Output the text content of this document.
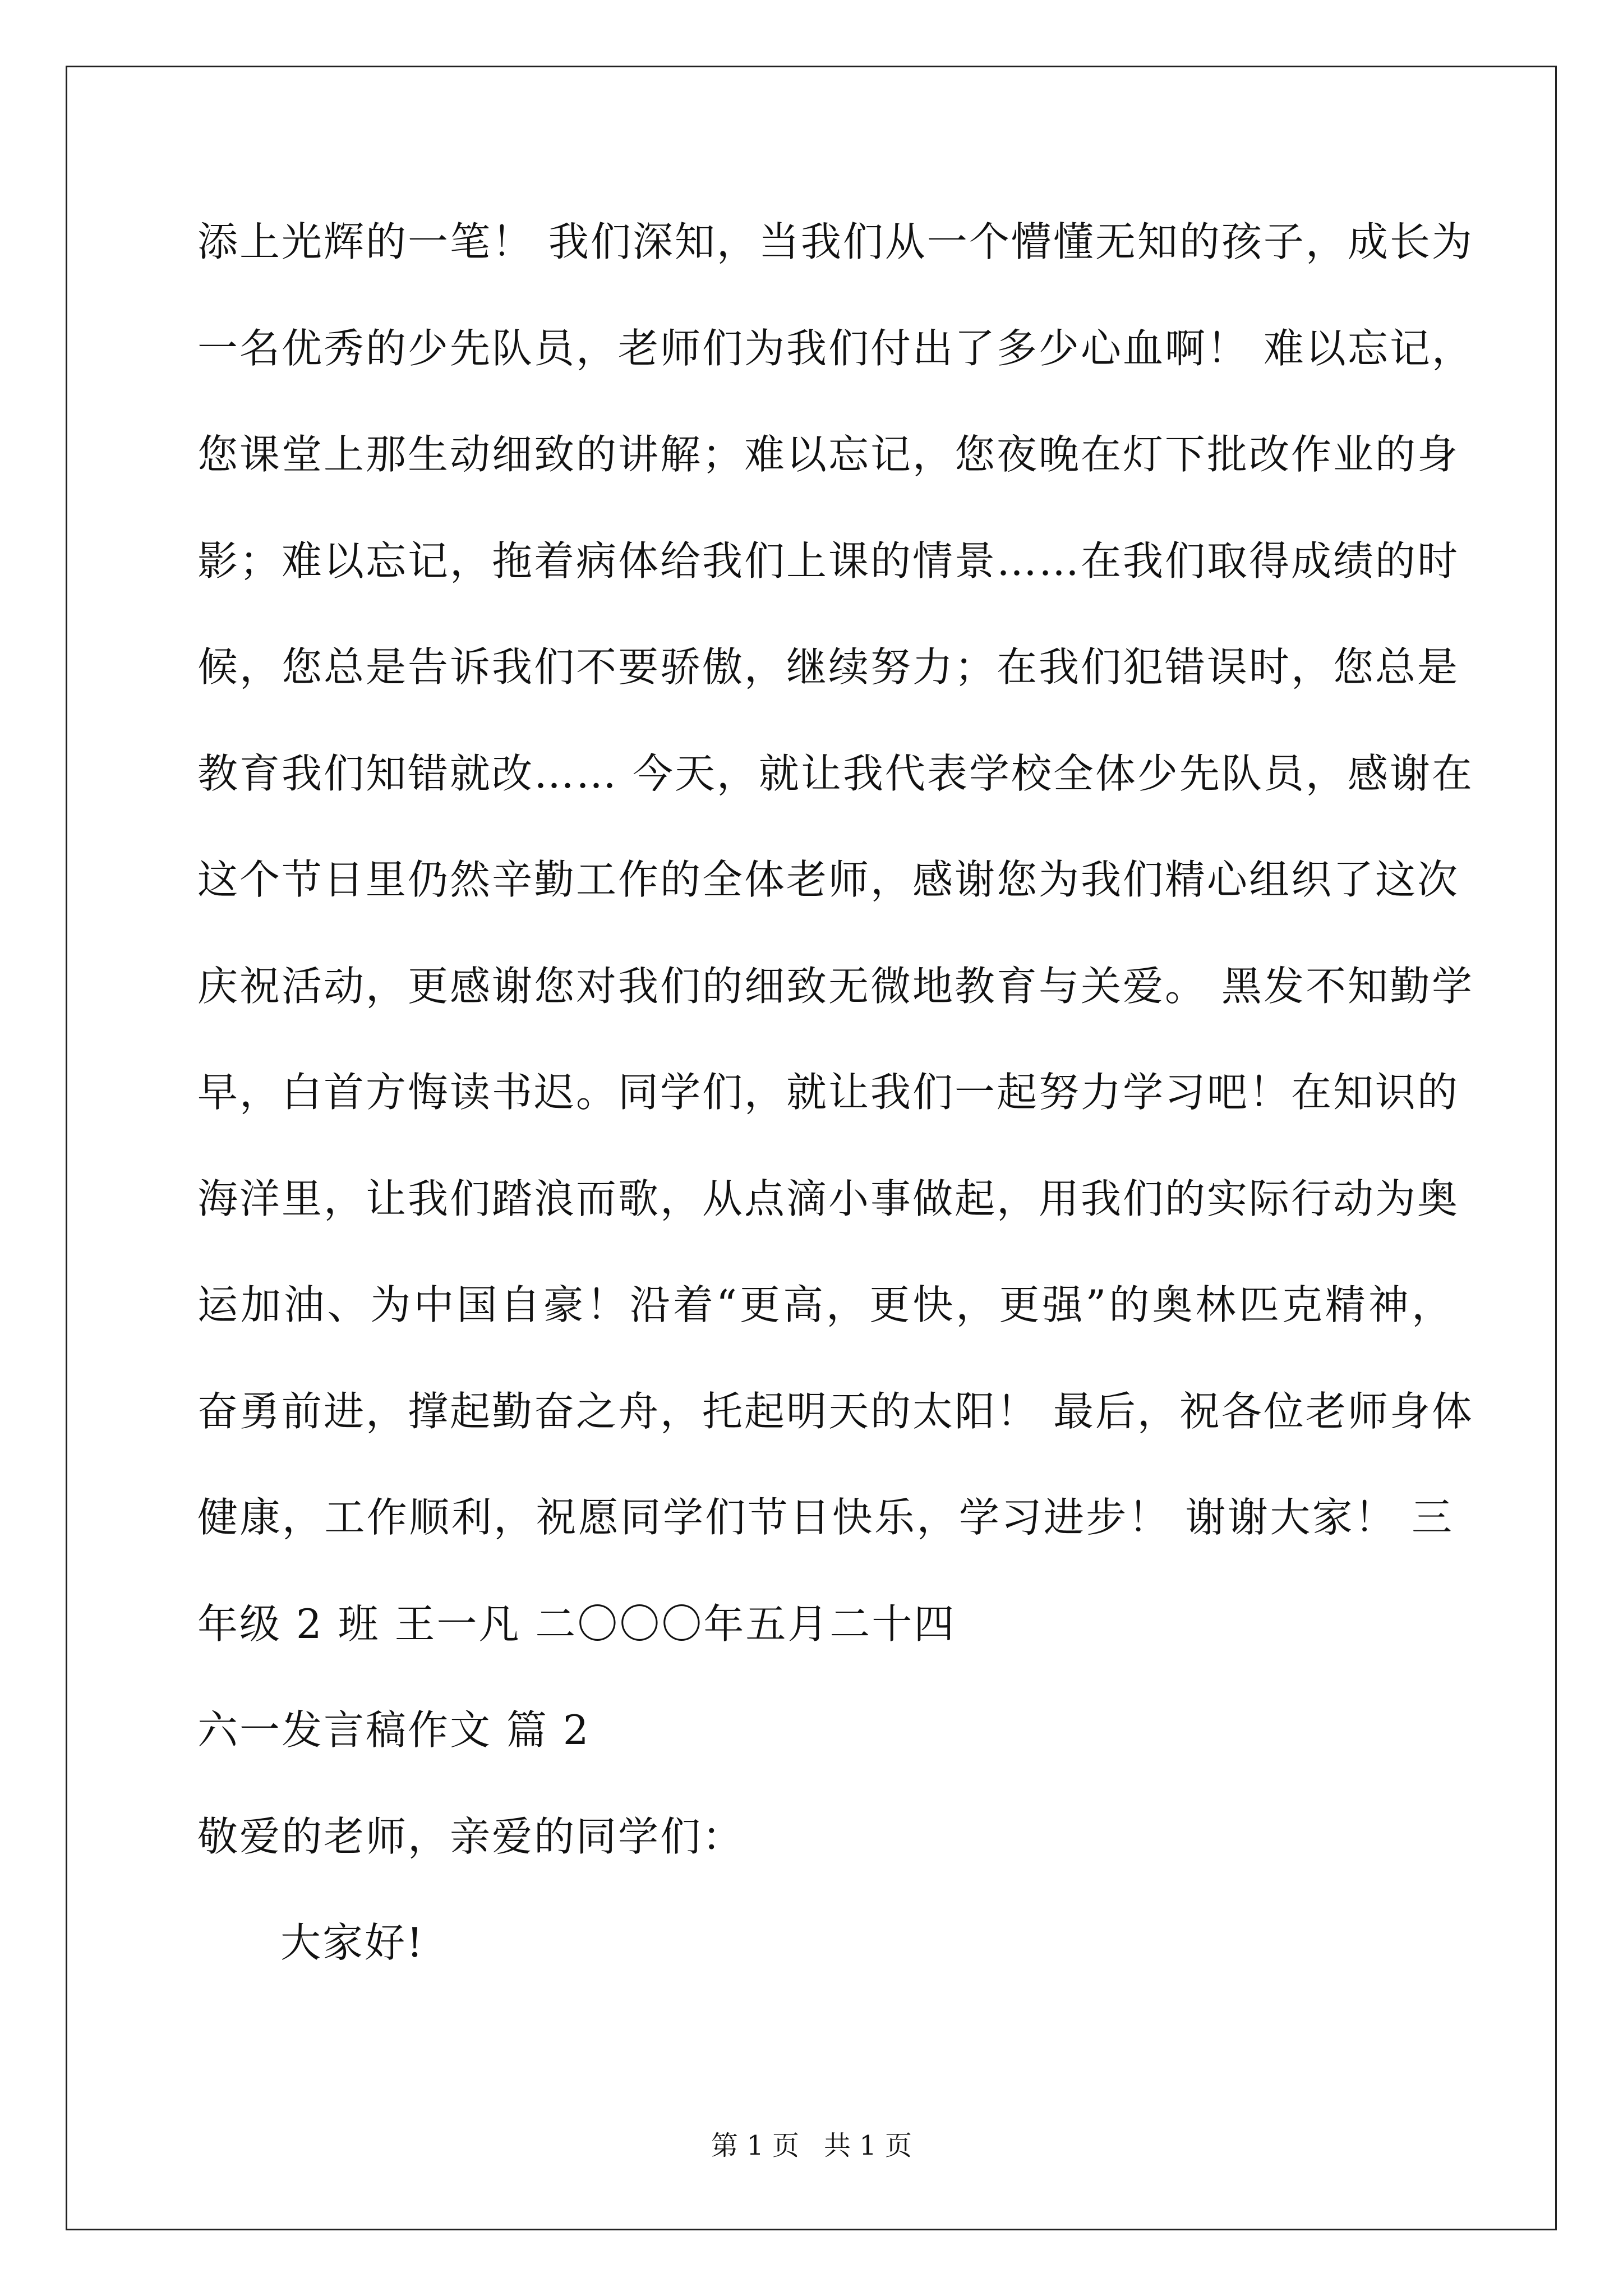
添上光辉的一笔！ 我们深知，当我们从一个懵懂无知的孩子，成长为
一名优秀的少先队员，老师们为我们付出了多少心血啊！ 难以忘记，
您课堂上那生动细致的讲解；难以忘记，您夜晚在灯下批改作业的身
影；难以忘记，拖着病体给我们上课的情景……在我们取得成绩的时
候，您总是告诉我们不要骄傲，继续努力；在我们犯错误时，您总是
教育我们知错就改…… 今天，就让我代表学校全体少先队员，感谢在
这个节日里仍然辛勤工作的全体老师，感谢您为我们精心组织了这次
庆祝活动，更感谢您对我们的细致无微地教育与关爱。 黑发不知勤学
早，白首方悔读书迟。同学们，就让我们一起努力学习吧！在知识的
海洋里，让我们踏浪而歌，从点滴小事做起，用我们的实际行动为奥
运加油、为中国自豪！沿着“更高，更快，更强”的奥林匹克精神，
奋勇前进，撑起勤奋之舟，托起明天的太阳！ 最后，祝各位老师身体
健康，工作顺利，祝愿同学们节日快乐，学习进步！ 谢谢大家！ 三
年级 2 班 王一凡 二〇〇〇年五月二十四
六一发言稿作文 篇 2
敬爱的老师，亲爱的同学们：
大家好!
第 1 页 共 1 页
